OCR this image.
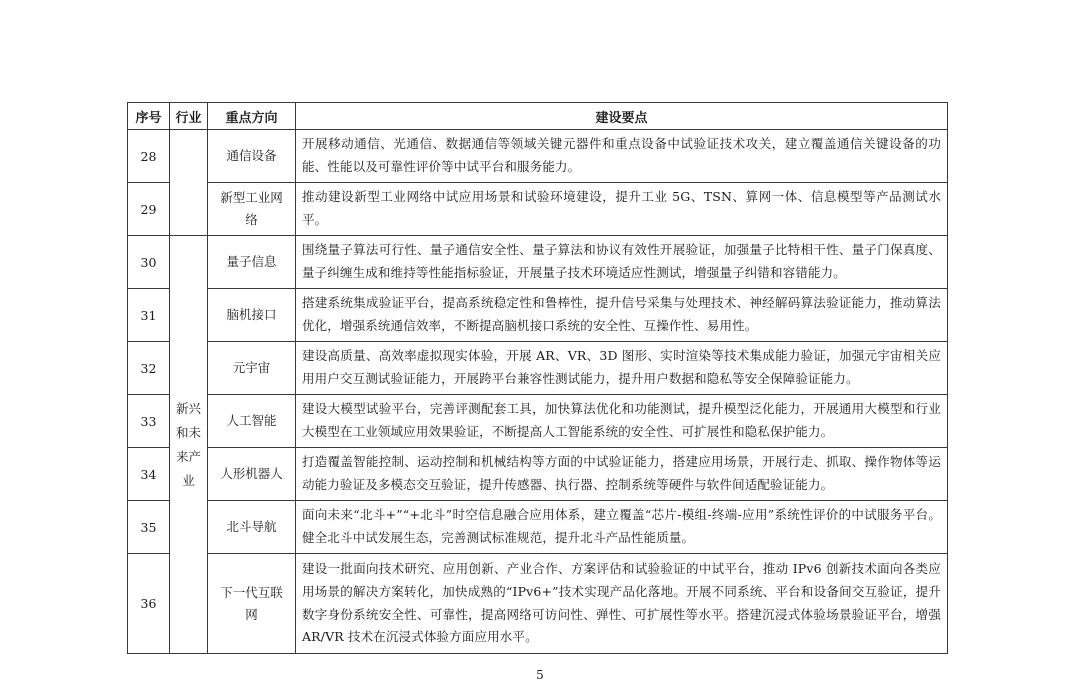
序号	行业	重点方向	建设要点
28		通信设备	开展移动通信、光通信、数据通信等领域关键元器件和重点设备中试验证技术攻关，建立覆盖通信关键设备的功能、性能以及可靠性评价等中试平台和服务能力。
29		新型工业网络	推动建设新型工业网络中试应用场景和试验环境建设，提升工业 5G、TSN、算网一体、信息模型等产品测试水平。
30	新兴和未来产业	量子信息	围绕量子算法可行性、量子通信安全性、量子算法和协议有效性开展验证，加强量子比特相干性、量子门保真度、量子纠缠生成和维持等性能指标验证，开展量子技术环境适应性测试，增强量子纠错和容错能力。
31		脑机接口	搭建系统集成验证平台，提高系统稳定性和鲁棒性，提升信号采集与处理技术、神经解码算法验证能力，推动算法优化，增强系统通信效率，不断提高脑机接口系统的安全性、互操作性、易用性。
32		元宇宙	建设高质量、高效率虚拟现实体验，开展 AR、VR、3D 图形、实时渲染等技术集成能力验证，加强元宇宙相关应用用户交互测试验证能力，开展跨平台兼容性测试能力，提升用户数据和隐私等安全保障验证能力。
33		人工智能	建设大模型试验平台，完善评测配套工具，加快算法优化和功能测试，提升模型泛化能力，开展通用大模型和行业大模型在工业领域应用效果验证，不断提高人工智能系统的安全性、可扩展性和隐私保护能力。
34		人形机器人	打造覆盖智能控制、运动控制和机械结构等方面的中试验证能力，搭建应用场景，开展行走、抓取、操作物体等运动能力验证及多模态交互验证，提升传感器、执行器、控制系统等硬件与软件间适配验证能力。
35		北斗导航	面向未来“北斗+”“+北斗”时空信息融合应用体系，建立覆盖“芯片-模组-终端-应用”系统性评价的中试服务平台。健全北斗中试发展生态，完善测试标准规范，提升北斗产品性能质量。
36		下一代互联网	建设一批面向技术研究、应用创新、产业合作、方案评估和试验验证的中试平台，推动 IPv6 创新技术面向各类应用场景的解决方案转化，加快成熟的“IPv6+”技术实现产品化落地。开展不同系统、平台和设备间交互验证，提升数字身份系统安全性、可靠性，提高网络可访问性、弹性、可扩展性等水平。搭建沉浸式体验场景验证平台，增强 AR/VR 技术在沉浸式体验方面应用水平。
5
